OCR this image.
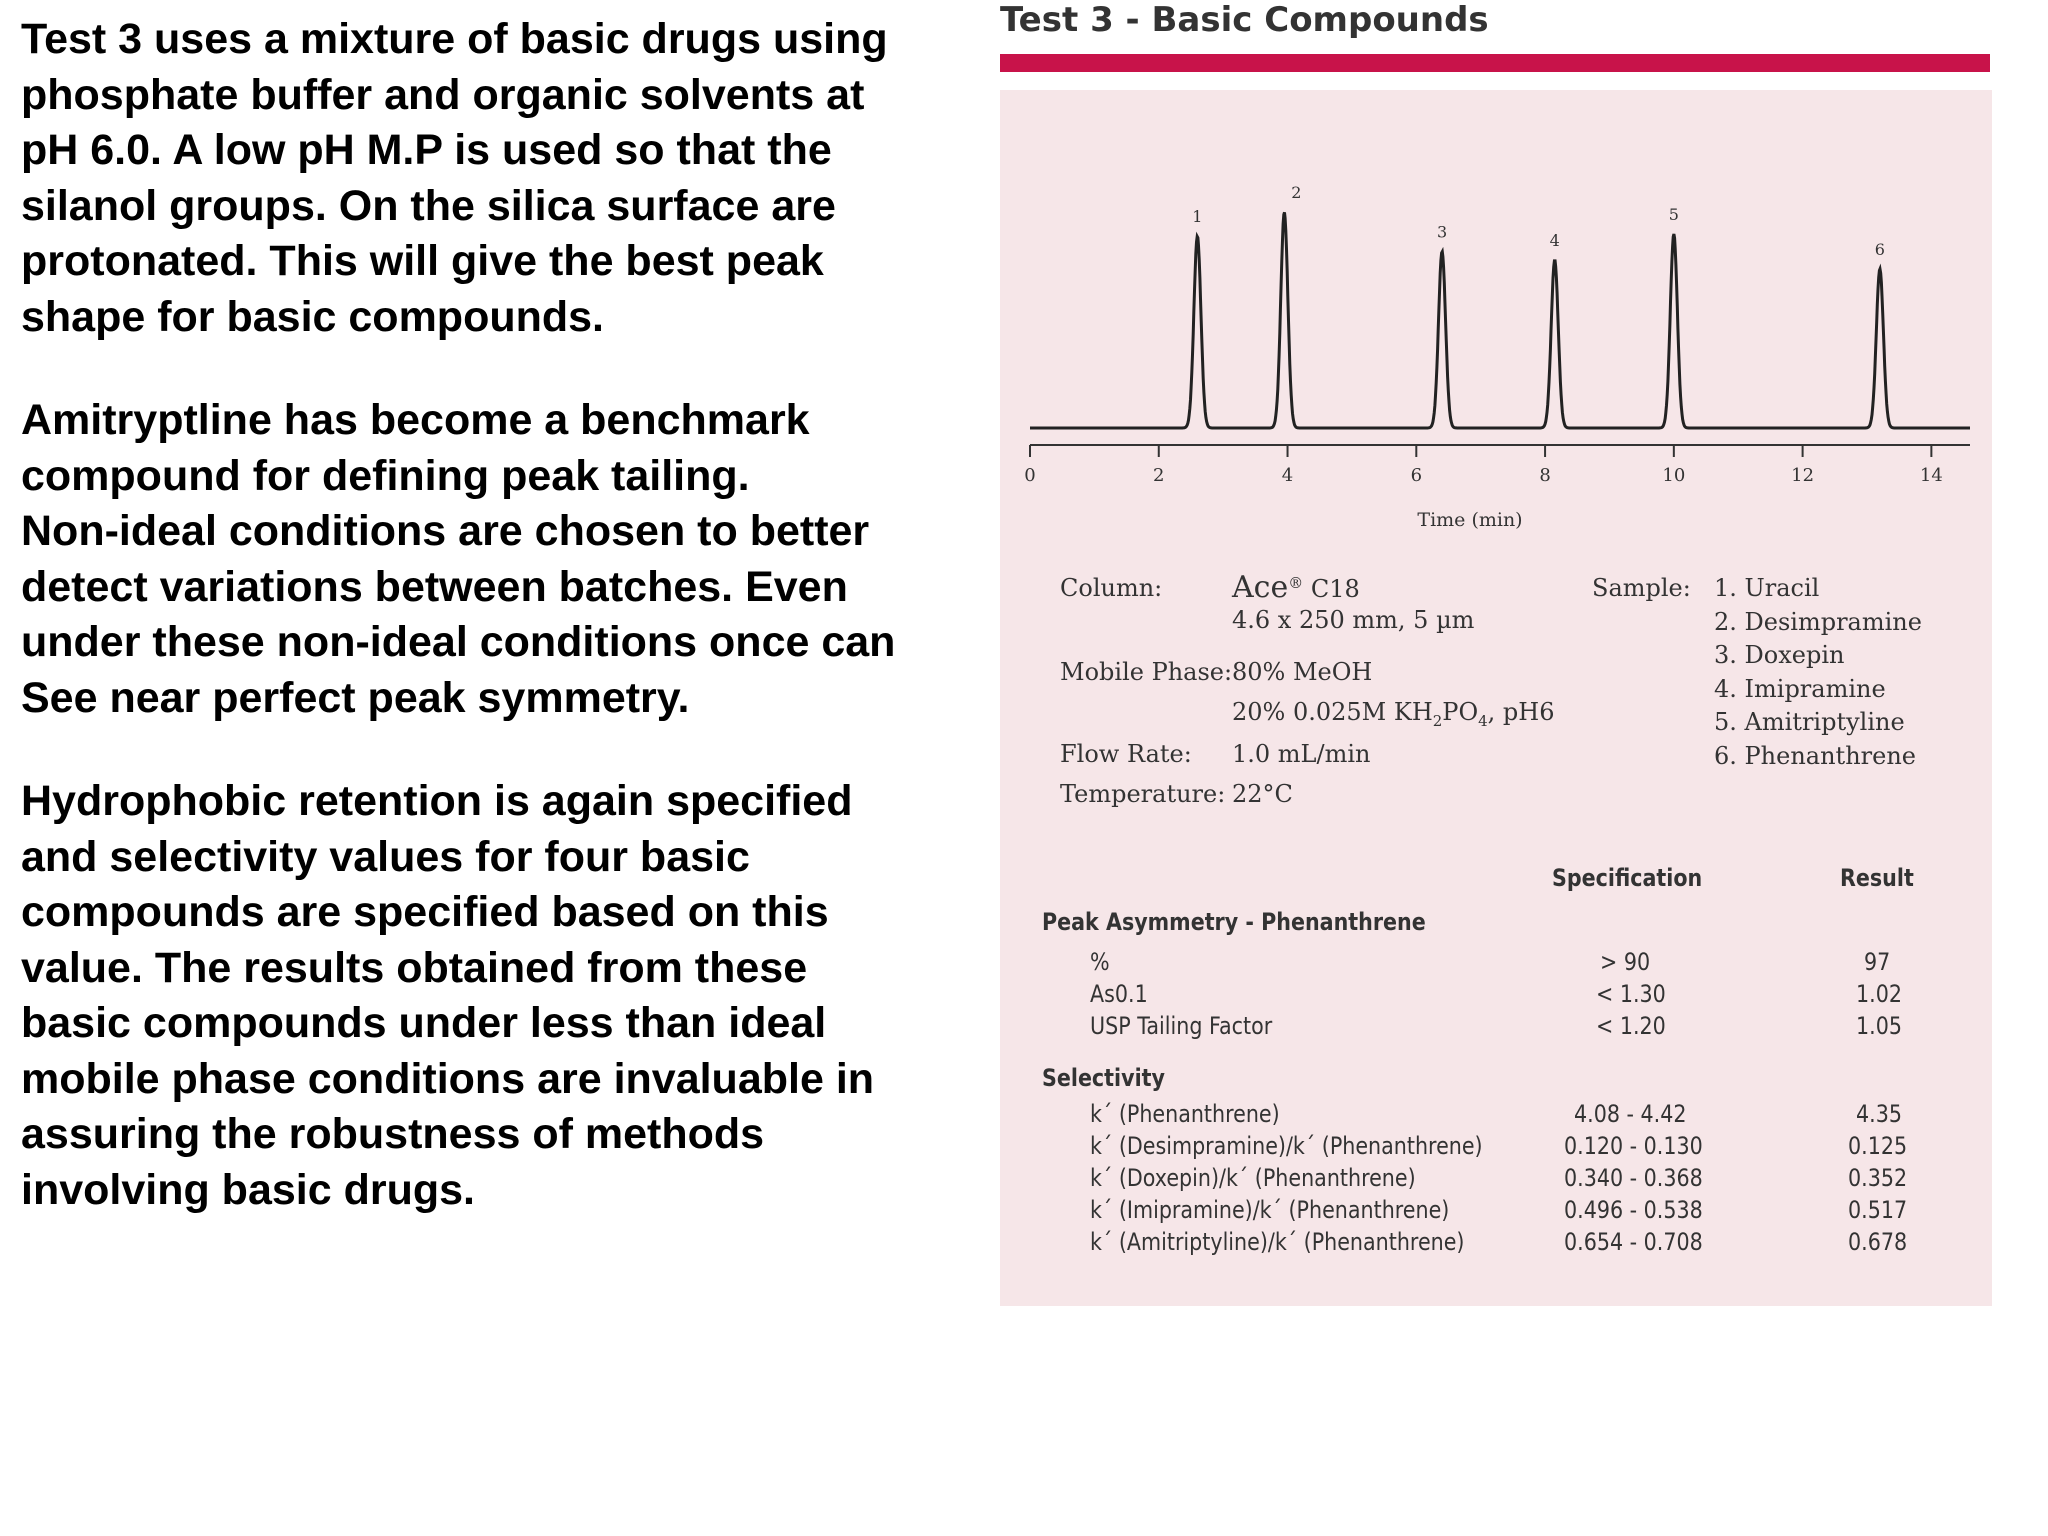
Test 3 uses a mixture of basic drugs using
phosphate buffer and organic solvents at
pH 6.0. A low pH M.P is used so that the
silanol groups. On the silica surface are
protonated. This will give the best peak
shape for basic compounds.

Amitryptline has become a benchmark
compound for defining peak tailing.
Non-ideal conditions are chosen to better
detect variations between batches. Even
under these non-ideal conditions once can
See near perfect peak symmetry.

Hydrophobic retention is again specified
and selectivity values for four basic
compounds are specified based on this
value. The results obtained from these
basic compounds under less than ideal
mobile phase conditions are invaluable in
assuring the robustness of methods
involving basic drugs.

Test 3 - Basic Compounds
1
2
3	4
5
6
0	2	4	6	8	10	12	14
Time (min)
Column: Ace® C18
4.6 x 250 mm, 5 µm
Mobile Phase: 80% MeOH
20% 0.025M $KH_2PO_4$, pH6
Flow Rate: 1.0 mL/min
Temperature: 22°C
Sample: 1. Uracil
2. Desimpramine
3. Doxepin
4. Imipramine
5. Amitriptyline
6. Phenanthrene
Specification	Result
Peak Asymmetry - Phenanthrene
%	> 90	97
As0.1	< 1.30	1.02
USP Tailing Factor	< 1.20	1.05
Selectivity
k´ (Phenanthrene)	4.08 - 4.42	4.35
k´ (Desimpramine)/k´ (Phenanthrene)	0.120 - 0.130	0.125
k´ (Doxepin)/k´ (Phenanthrene)	0.340 - 0.368	0.352
k´ (Imipramine)/k´ (Phenanthrene)	0.496 - 0.538	0.517
k´ (Amitriptyline)/k´ (Phenanthrene)	0.654 - 0.708	0.678
